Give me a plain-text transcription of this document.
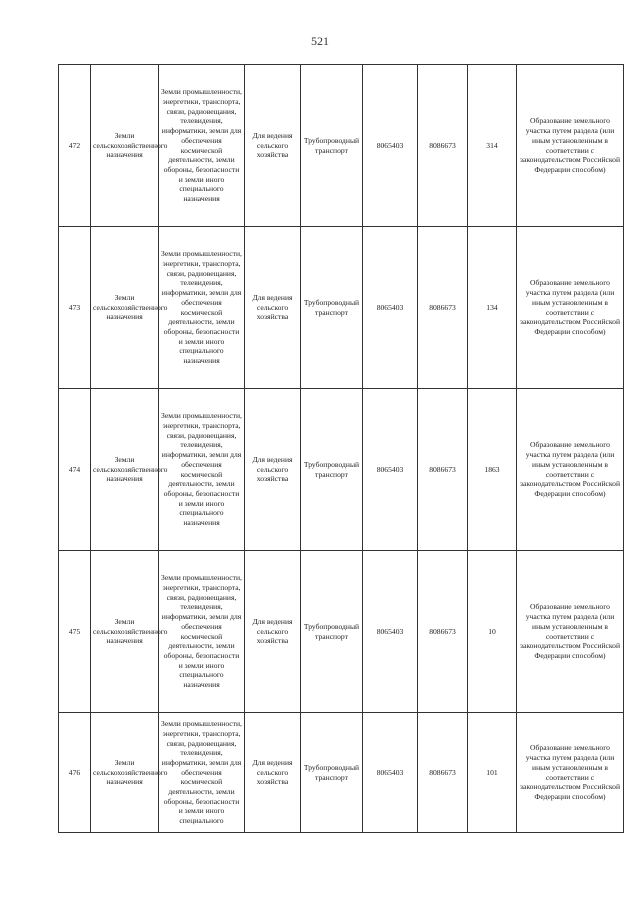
521
472	Земли сельскохозяйственного назначения	Земли промышленности, энергетики, транспорта, связи, радиовещания, телевидения, информатики, земли для обеспечения космической деятельности, земли обороны, безопасности и земли иного специального назначения	Для ведения сельского хозяйства	Трубопроводный транспорт	8065403	8086673	314	Образование земельного участка путем раздела (или иным установленным в соответствии с законодательством Российской Федерации способом)
473	Земли сельскохозяйственного назначения	Земли промышленности, энергетики, транспорта, связи, радиовещания, телевидения, информатики, земли для обеспечения космической деятельности, земли обороны, безопасности и земли иного специального назначения	Для ведения сельского хозяйства	Трубопроводный транспорт	8065403	8086673	134	Образование земельного участка путем раздела (или иным установленным в соответствии с законодательством Российской Федерации способом)
474	Земли сельскохозяйственного назначения	Земли промышленности, энергетики, транспорта, связи, радиовещания, телевидения, информатики, земли для обеспечения космической деятельности, земли обороны, безопасности и земли иного специального назначения	Для ведения сельского хозяйства	Трубопроводный транспорт	8065403	8086673	1863	Образование земельного участка путем раздела (или иным установленным в соответствии с законодательством Российской Федерации способом)
475	Земли сельскохозяйственного назначения	Земли промышленности, энергетики, транспорта, связи, радиовещания, телевидения, информатики, земли для обеспечения космической деятельности, земли обороны, безопасности и земли иного специального назначения	Для ведения сельского хозяйства	Трубопроводный транспорт	8065403	8086673	10	Образование земельного участка путем раздела (или иным установленным в соответствии с законодательством Российской Федерации способом)
476	Земли сельскохозяйственного назначения	Земли промышленности, энергетики, транспорта, связи, радиовещания, телевидения, информатики, земли для обеспечения космической деятельности, земли обороны, безопасности и земли иного специального	Для ведения сельского хозяйства	Трубопроводный транспорт	8065403	8086673	101	Образование земельного участка путем раздела (или иным установленным в соответствии с законодательством Российской Федерации способом)
